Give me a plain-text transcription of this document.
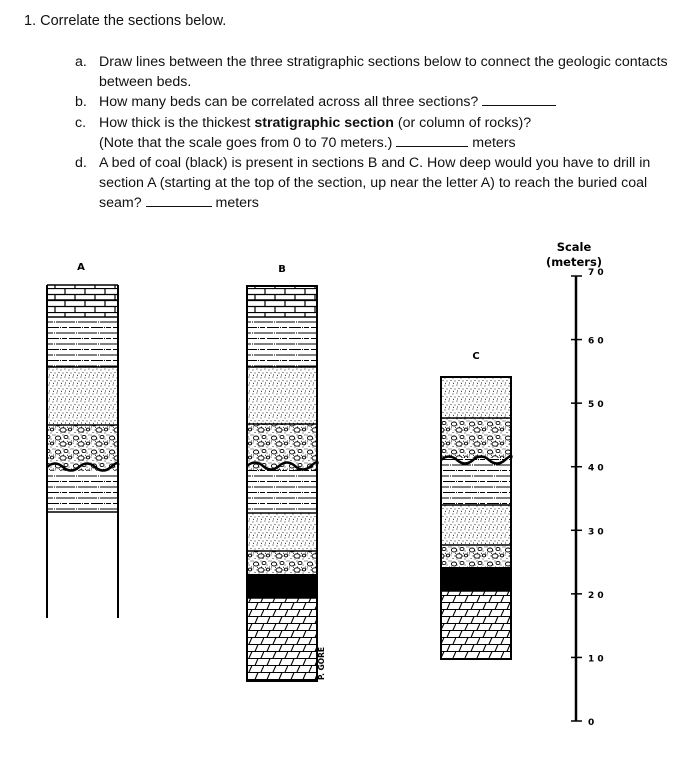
1. Correlate the sections below.
a. Draw lines between the three stratigraphic sections below to connect the geologic contacts between beds.
b. How many beds can be correlated across all three sections?
c. How thick is the thickest stratigraphic section (or column of rocks)?
(Note that the scale goes from 0 to 70 meters.)	meters
d. A bed of coal (black) is present in sections B and C. How deep would you have to drill in section A (starting at the top of the section, up near the letter A) to reach the buried coal seam?	meters
A	B
P. GORE
C
Scale
(meters)
7 0
6 0
5 0
4 0
3 0
2 0
1 0
0
